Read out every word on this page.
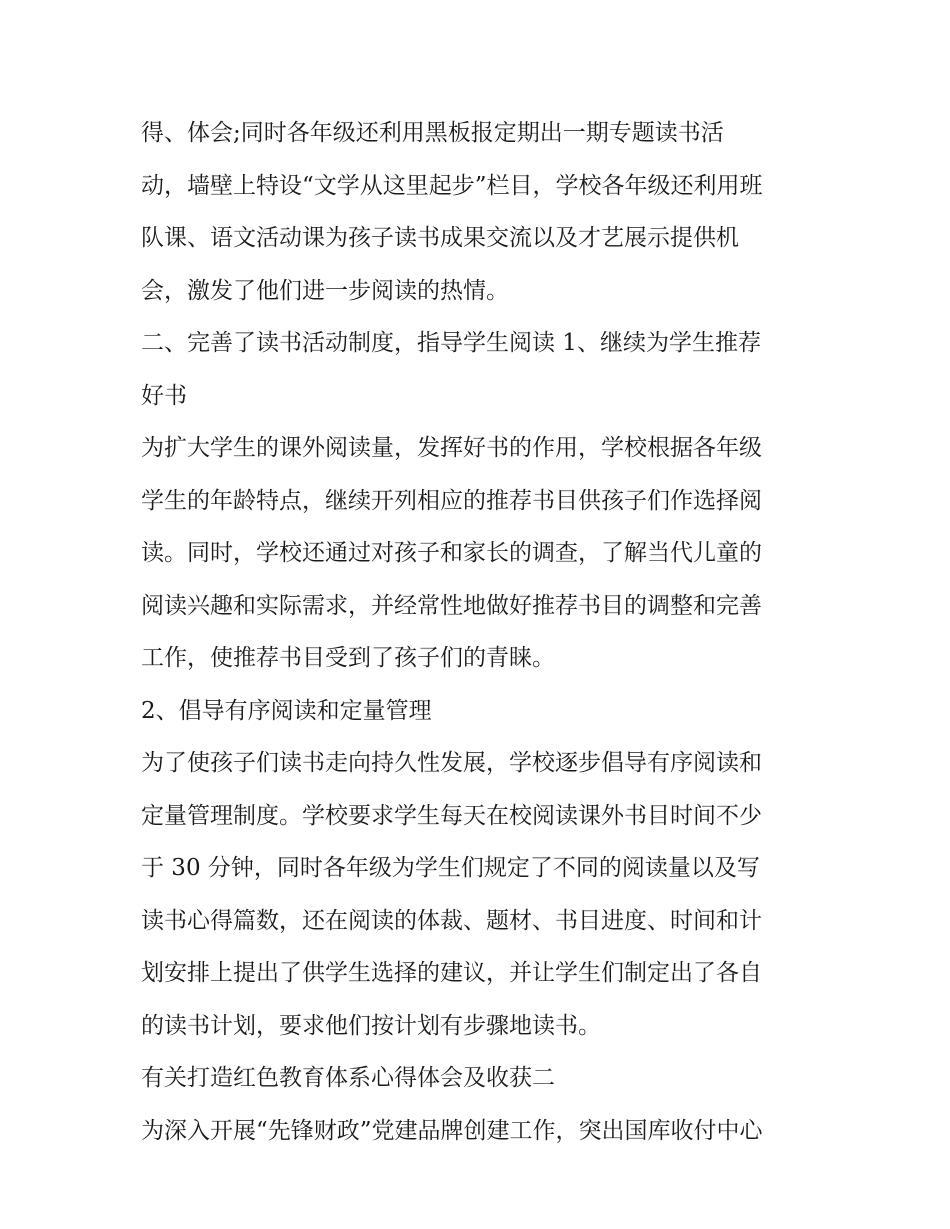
得、体会;同时各年级还利用黑板报定期出一期专题读书活
动，墙壁上特设“文学从这里起步”栏目，学校各年级还利用班
队课、语文活动课为孩子读书成果交流以及才艺展示提供机
会，激发了他们进一步阅读的热情。
二、完善了读书活动制度，指导学生阅读 1、继续为学生推荐
好书
为扩大学生的课外阅读量，发挥好书的作用，学校根据各年级
学生的年龄特点，继续开列相应的推荐书目供孩子们作选择阅
读。同时，学校还通过对孩子和家长的调查，了解当代儿童的
阅读兴趣和实际需求，并经常性地做好推荐书目的调整和完善
工作，使推荐书目受到了孩子们的青睐。
2、倡导有序阅读和定量管理
为了使孩子们读书走向持久性发展，学校逐步倡导有序阅读和
定量管理制度。学校要求学生每天在校阅读课外书目时间不少
于 30 分钟，同时各年级为学生们规定了不同的阅读量以及写
读书心得篇数，还在阅读的体裁、题材、书目进度、时间和计
划安排上提出了供学生选择的建议，并让学生们制定出了各自
的读书计划，要求他们按计划有步骤地读书。
有关打造红色教育体系心得体会及收获二
为深入开展“先锋财政”党建品牌创建工作，突出国库收付中心
